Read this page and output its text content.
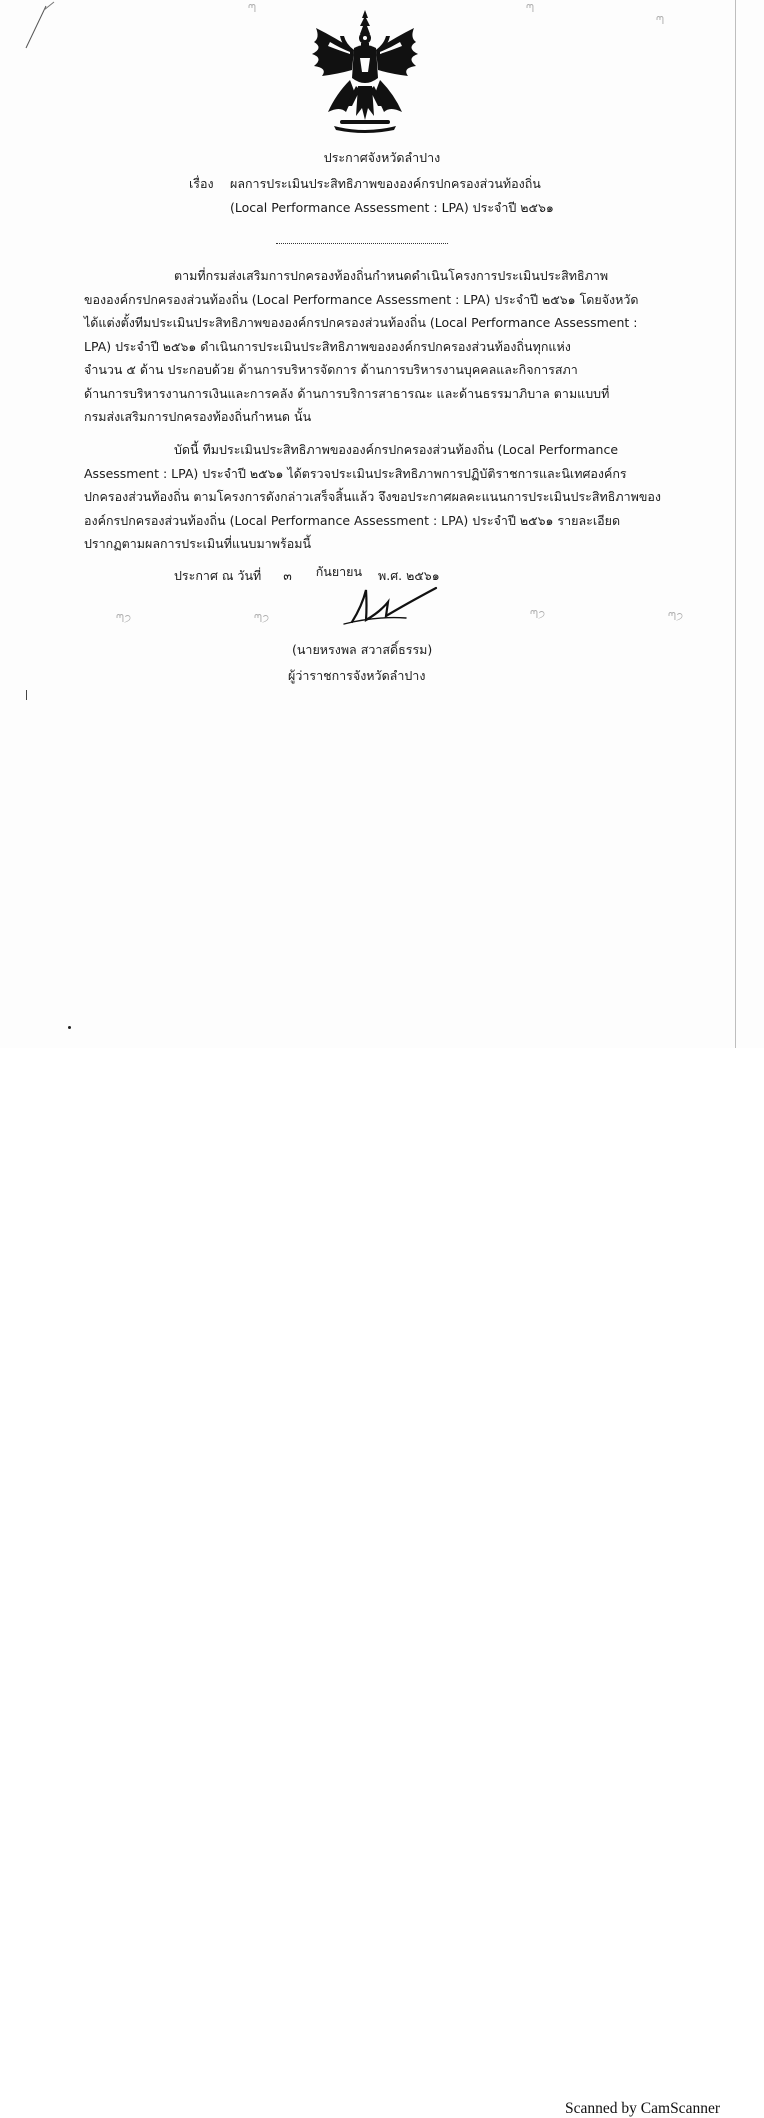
ประกาศจังหวัดลำปาง
เรื่อง ผลการประเมินประสิทธิภาพขององค์กรปกครองส่วนท้องถิ่น
(Local Performance Assessment : LPA) ประจำปี ๒๕๖๑
ตามที่กรมส่งเสริมการปกครองท้องถิ่นกำหนดดำเนินโครงการประเมินประสิทธิภาพ
ขององค์กรปกครองส่วนท้องถิ่น (Local Performance Assessment : LPA) ประจำปี ๒๕๖๑ โดยจังหวัด
ได้แต่งตั้งทีมประเมินประสิทธิภาพขององค์กรปกครองส่วนท้องถิ่น (Local Performance Assessment :
LPA) ประจำปี ๒๕๖๑ ดำเนินการประเมินประสิทธิภาพขององค์กรปกครองส่วนท้องถิ่นทุกแห่ง
จำนวน ๕ ด้าน ประกอบด้วย ด้านการบริหารจัดการ ด้านการบริหารงานบุคคลและกิจการสภา
ด้านการบริหารงานการเงินและการคลัง ด้านการบริการสาธารณะ และด้านธรรมาภิบาล ตามแบบที่
กรมส่งเสริมการปกครองท้องถิ่นกำหนด นั้น
บัดนี้ ทีมประเมินประสิทธิภาพขององค์กรปกครองส่วนท้องถิ่น (Local Performance
Assessment : LPA) ประจำปี ๒๕๖๑ ได้ตรวจประเมินประสิทธิภาพการปฏิบัติราชการและนิเทศองค์กร
ปกครองส่วนท้องถิ่น ตามโครงการดังกล่าวเสร็จสิ้นแล้ว จึงขอประกาศผลคะแนนการประเมินประสิทธิภาพของ
องค์กรปกครองส่วนท้องถิ่น (Local Performance Assessment : LPA) ประจำปี ๒๕๖๑ รายละเอียด
ปรากฏตามผลการประเมินที่แนบมาพร้อมนี้
ประกาศ ณ วันที่ ๓ กันยายน พ.ศ. ๒๕๖๑
ᘉ੭	ᘉ੭	ᘉ੭	ᘉ੭
ᘉ	ᘉ
ᘉ
(นายหรงพล สวาสดิ์ธรรม)
ผู้ว่าราชการจังหวัดลำปาง
Scanned by CamScanner
